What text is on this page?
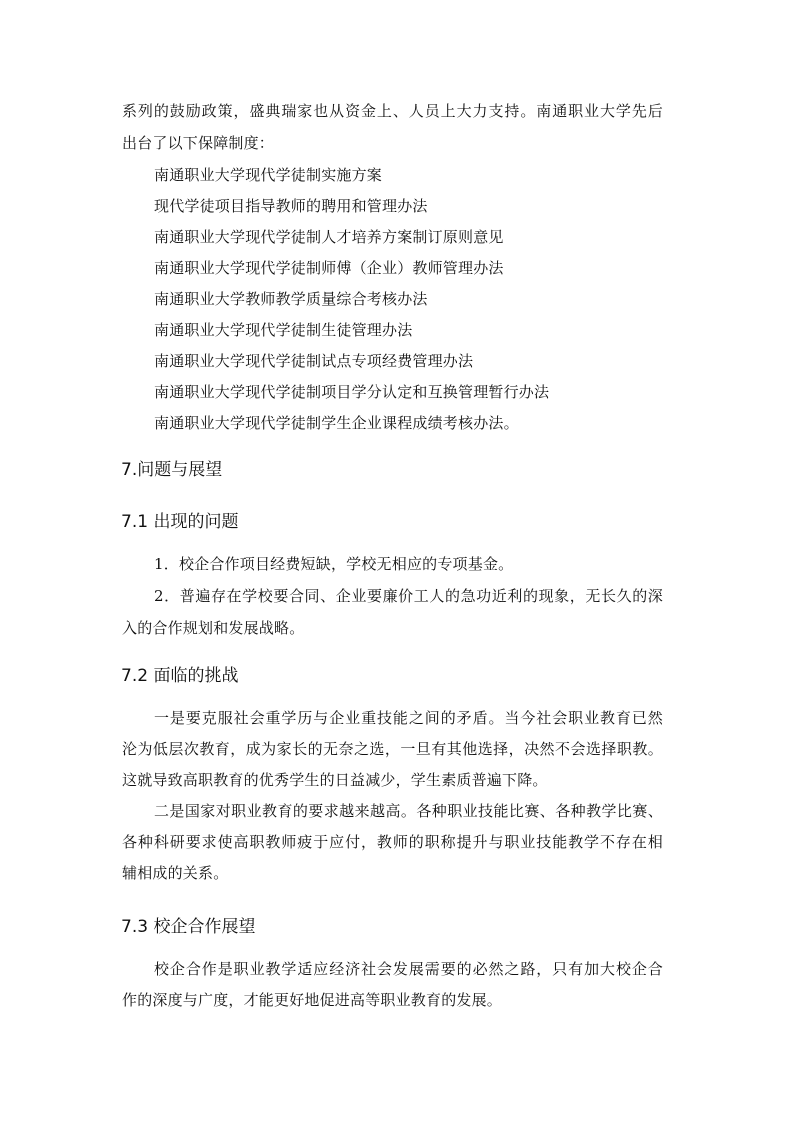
系列的鼓励政策，盛典瑞家也从资金上、人员上大力支持。南通职业大学先后
出台了以下保障制度：
南通职业大学现代学徒制实施方案
现代学徒项目指导教师的聘用和管理办法
南通职业大学现代学徒制人才培养方案制订原则意见
南通职业大学现代学徒制师傅（企业）教师管理办法
南通职业大学教师教学质量综合考核办法
南通职业大学现代学徒制生徒管理办法
南通职业大学现代学徒制试点专项经费管理办法
南通职业大学现代学徒制项目学分认定和互换管理暂行办法
南通职业大学现代学徒制学生企业课程成绩考核办法。
7.问题与展望
7.1 出现的问题
1．校企合作项目经费短缺，学校无相应的专项基金。
2．普遍存在学校要合同、企业要廉价工人的急功近利的现象，无长久的深
入的合作规划和发展战略。
7.2 面临的挑战
一是要克服社会重学历与企业重技能之间的矛盾。当今社会职业教育已然
沦为低层次教育，成为家长的无奈之选，一旦有其他选择，决然不会选择职教。
这就导致高职教育的优秀学生的日益减少，学生素质普遍下降。
二是国家对职业教育的要求越来越高。各种职业技能比赛、各种教学比赛、
各种科研要求使高职教师疲于应付，教师的职称提升与职业技能教学不存在相
辅相成的关系。
7.3 校企合作展望
校企合作是职业教学适应经济社会发展需要的必然之路，只有加大校企合
作的深度与广度，才能更好地促进高等职业教育的发展。
